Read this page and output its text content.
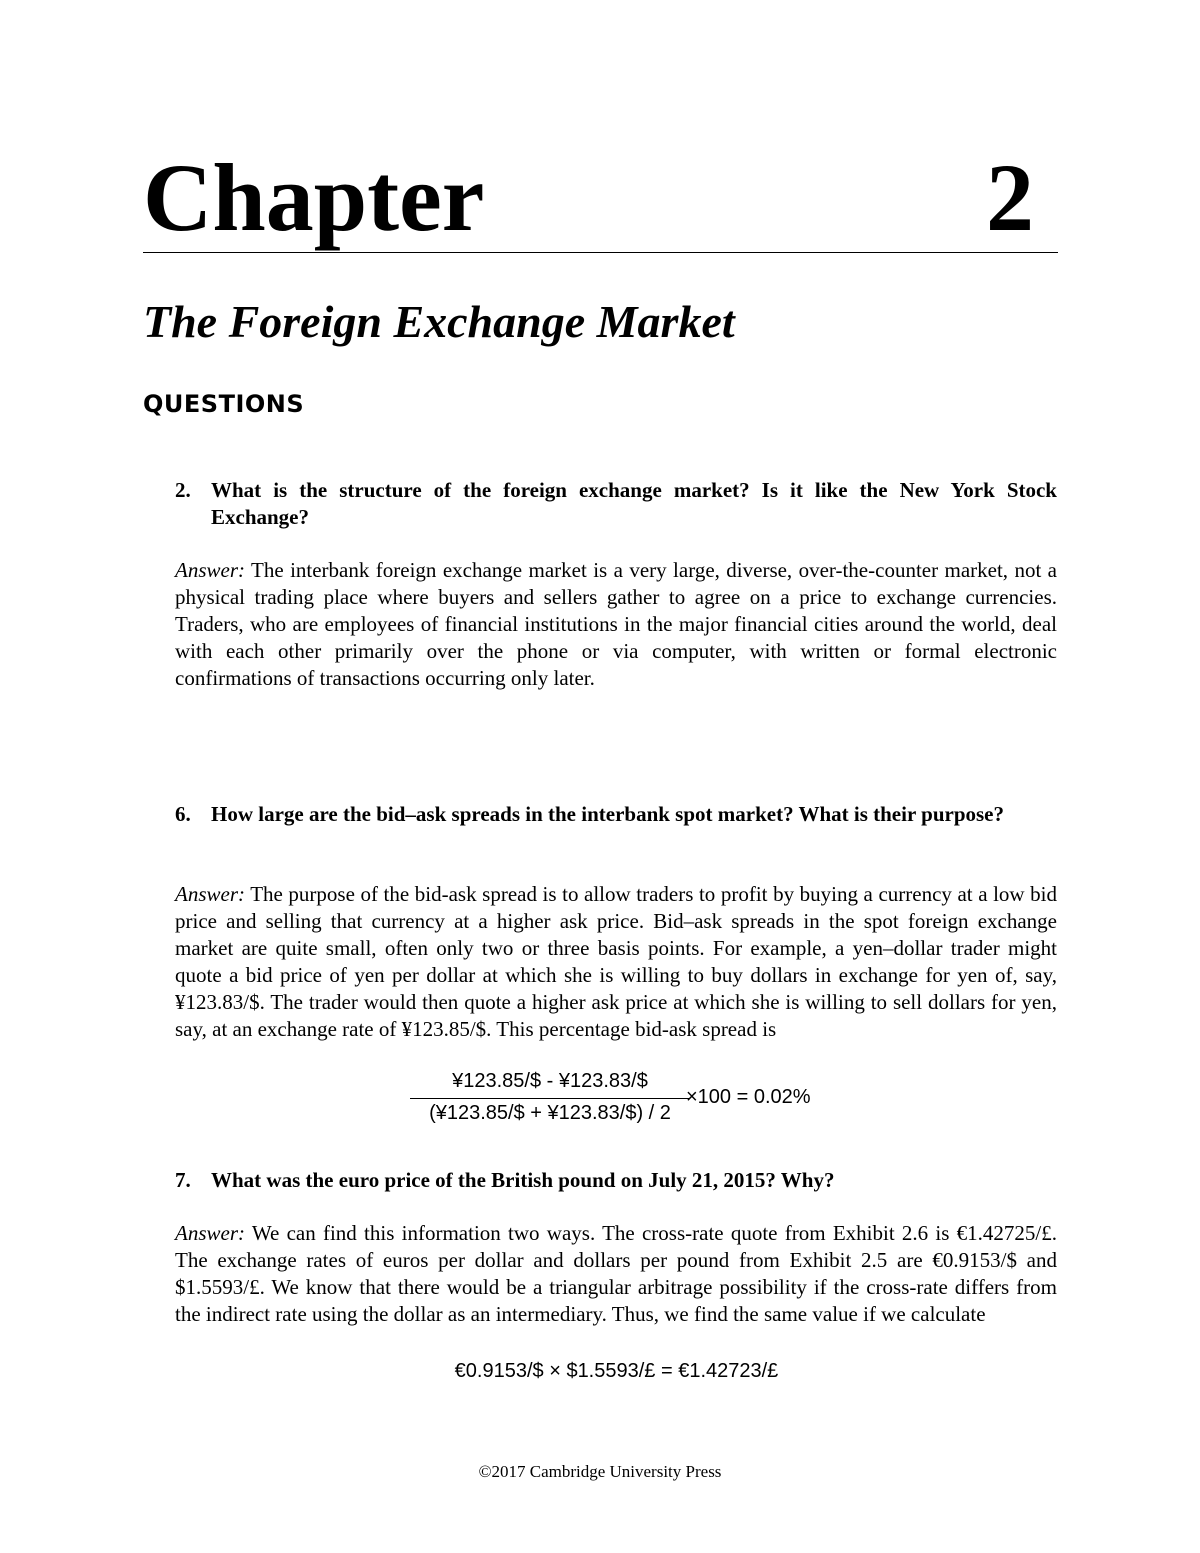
Chapter	2
The Foreign Exchange Market
QUESTIONS
2. What is the structure of the foreign exchange market? Is it like the New York Stock Exchange?
Answer: The interbank foreign exchange market is a very large, diverse, over-the-counter market, not a physical trading place where buyers and sellers gather to agree on a price to exchange currencies. Traders, who are employees of financial institutions in the major financial cities around the world, deal with each other primarily over the phone or via computer, with written or formal electronic confirmations of transactions occurring only later.
6. How large are the bid–ask spreads in the interbank spot market? What is their purpose?
Answer: The purpose of the bid-ask spread is to allow traders to profit by buying a currency at a low bid price and selling that currency at a higher ask price. Bid–ask spreads in the spot foreign exchange market are quite small, often only two or three basis points. For example, a yen–dollar trader might quote a bid price of yen per dollar at which she is willing to buy dollars in exchange for yen of, say, ¥123.83/$. The trader would then quote a higher ask price at which she is willing to sell dollars for yen, say, at an exchange rate of ¥123.85/$. This percentage bid-ask spread is
¥123.85/$ - ¥123.83/$
(¥123.85/$ + ¥123.83/$) / 2
×100 = 0.02%
7. What was the euro price of the British pound on July 21, 2015? Why?
Answer: We can find this information two ways. The cross-rate quote from Exhibit 2.6 is €1.42725/£. The exchange rates of euros per dollar and dollars per pound from Exhibit 2.5 are €0.9153/$ and $1.5593/£. We know that there would be a triangular arbitrage possibility if the cross-rate differs from the indirect rate using the dollar as an intermediary. Thus, we find the same value if we calculate
€0.9153/$ × $1.5593/£ = €1.42723/£
©2017 Cambridge University Press
